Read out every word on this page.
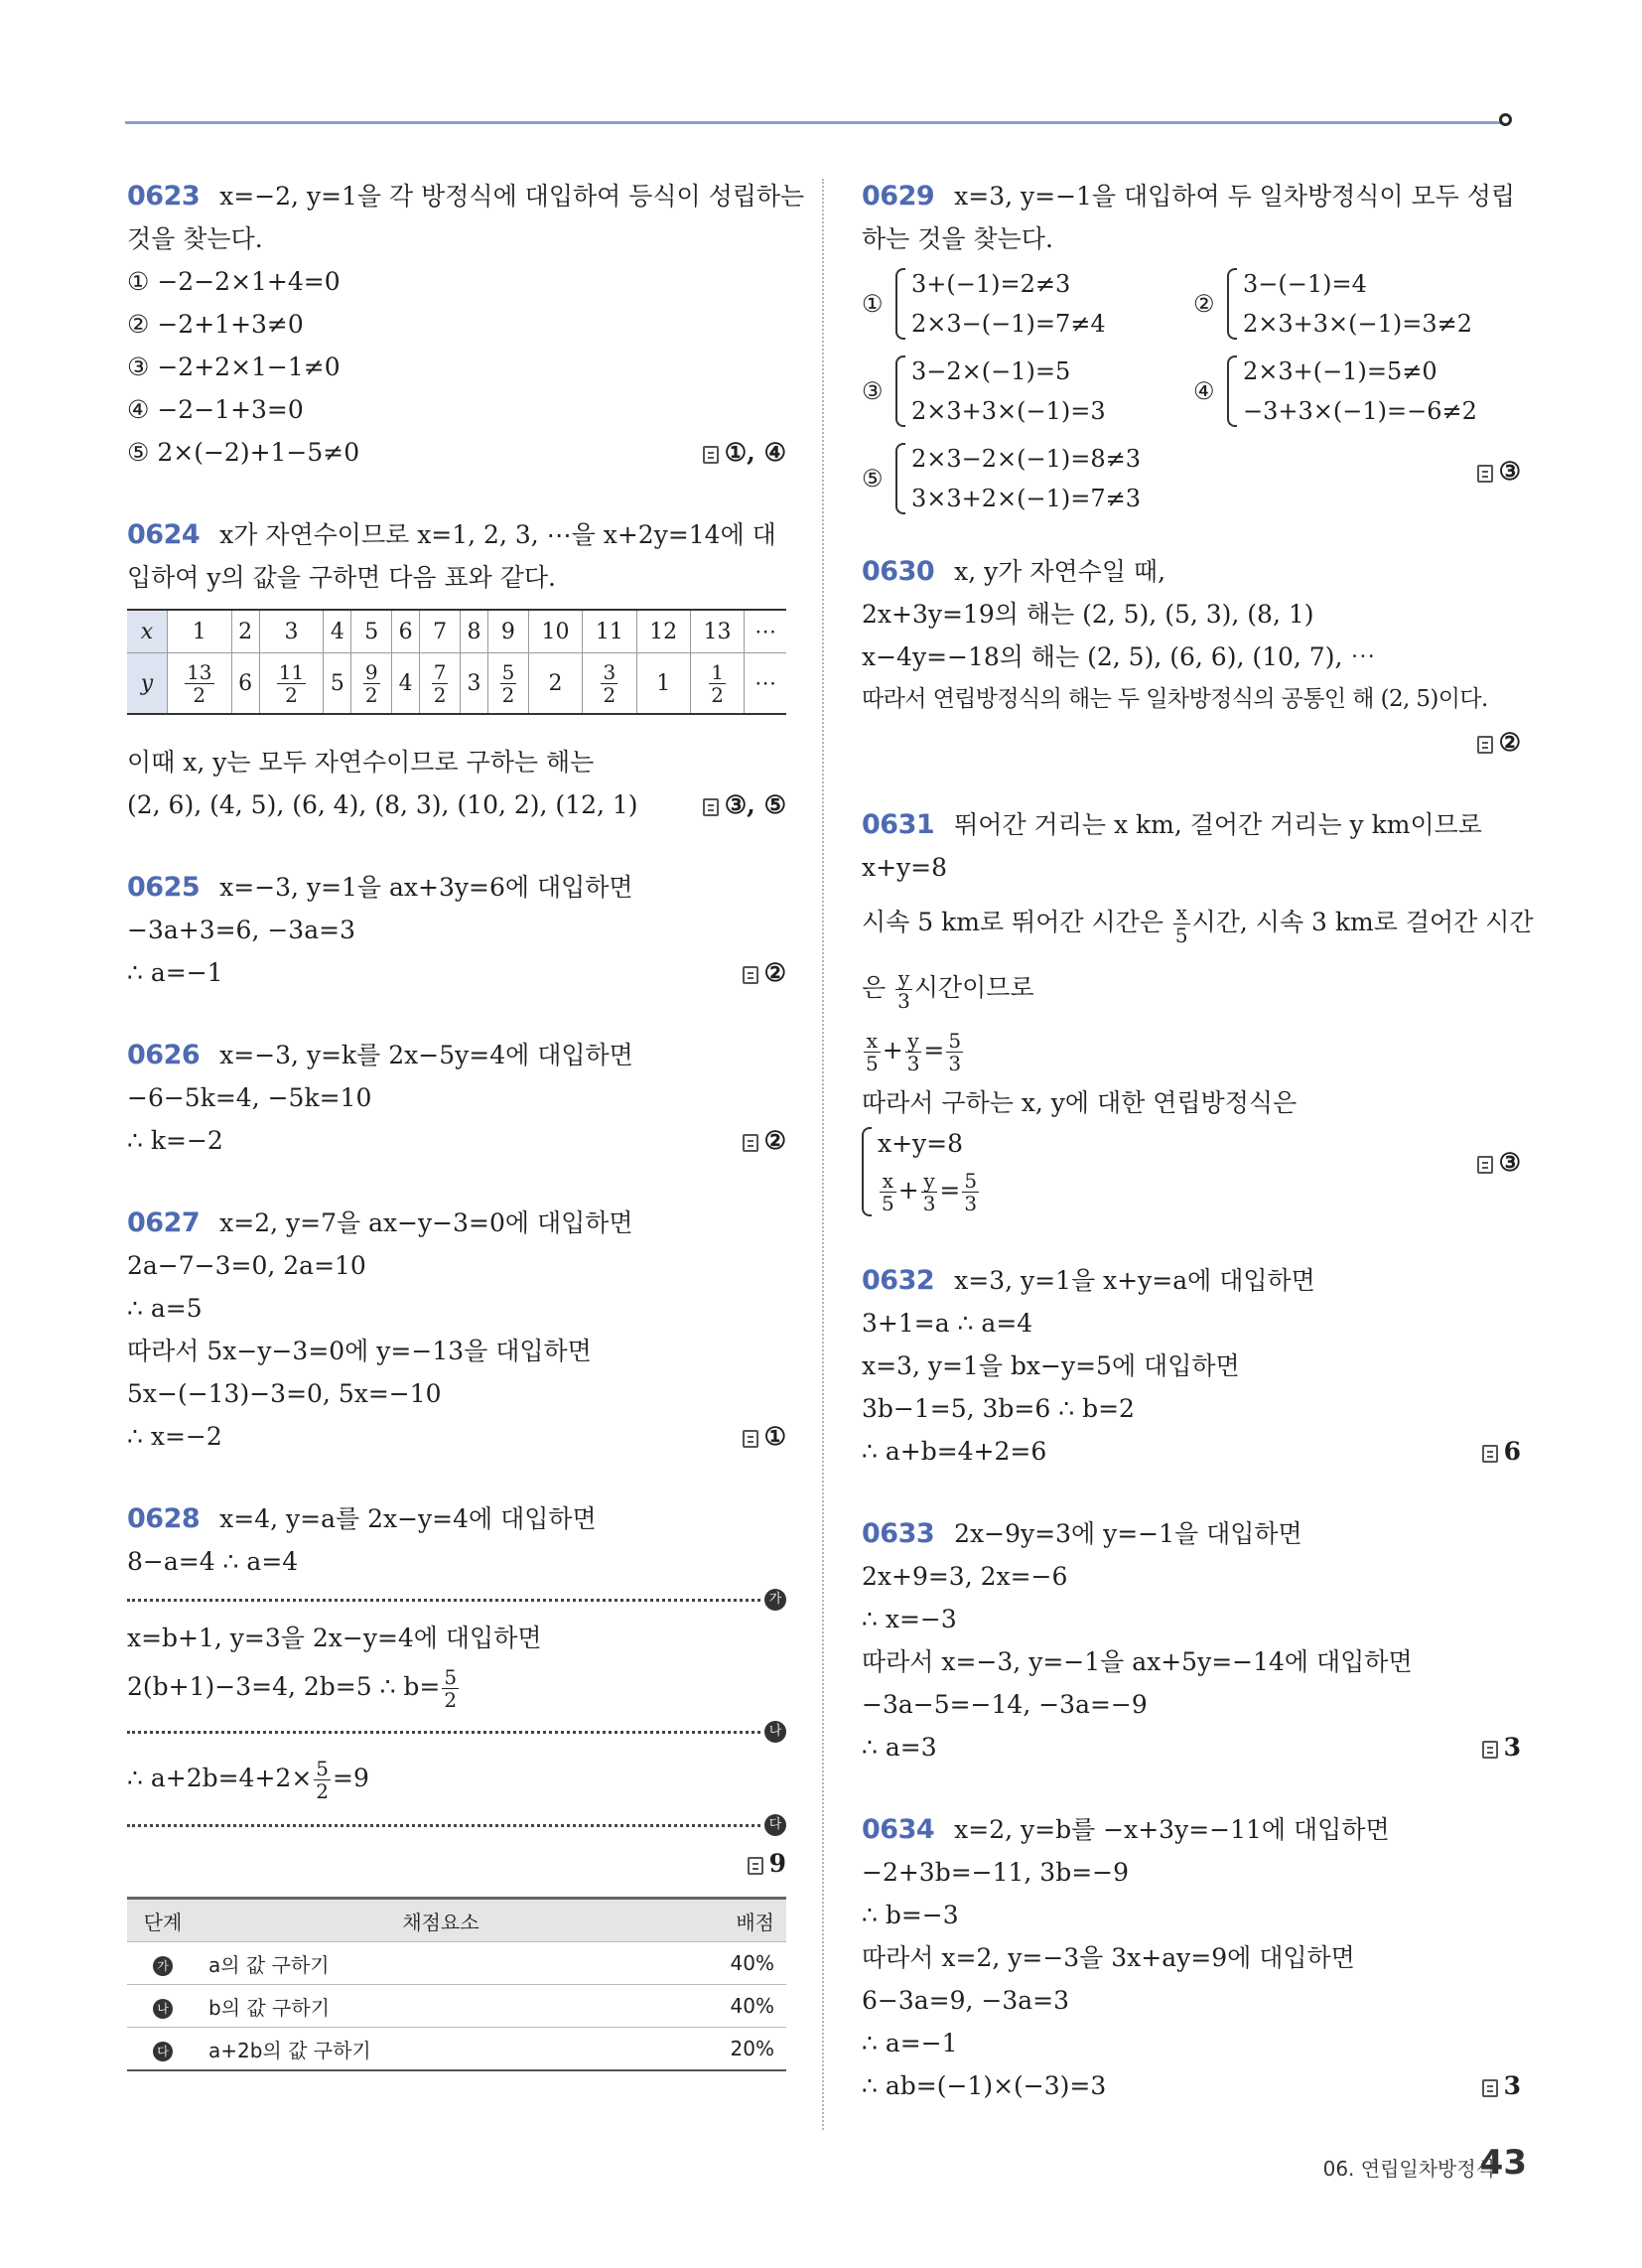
0623 x=−2, y=1을 각 방정식에 대입하여 등식이 성립하는
것을 찾는다.
① −2−2×1+4=0
② −2+1+3≠0
③ −2+2×1−1≠0
④ −2−1+3=0
⑤ 2×(−2)+1−5≠0	①, ④
0624 x가 자연수이므로 x=1, 2, 3, ⋯을 x+2y=14에 대
입하여 y의 값을 구하면 다음 표와 같다.
x	1	2	3	4	5	6	7	8	9	10	11	12	13	⋯
y	$\frac{13}{2}$	6	$\frac{11}{2}$	5	$\frac{9}{2}$	4	$\frac{7}{2}$	3	$\frac{5}{2}$	2	$\frac{3}{2}$	1	$\frac{1}{2}$	⋯
이때 x, y는 모두 자연수이므로 구하는 해는
(2, 6), (4, 5), (6, 4), (8, 3), (10, 2), (12, 1)	③, ⑤
0625 x=−3, y=1을 ax+3y=6에 대입하면
−3a+3=6, −3a=3
∴ a=−1	②
0626 x=−3, y=k를 2x−5y=4에 대입하면
−6−5k=4, −5k=10
∴ k=−2	②
0627 x=2, y=7을 ax−y−3=0에 대입하면
2a−7−3=0, 2a=10
∴ a=5
따라서 5x−y−3=0에 y=−13을 대입하면
5x−(−13)−3=0, 5x=−10
∴ x=−2	①
0628 x=4, y=a를 2x−y=4에 대입하면
8−a=4 ∴ a=4
가
x=b+1, y=3을 2x−y=4에 대입하면
2(b+1)−3=4, 2b=5 ∴ $b= \frac{5}{2}$
나
∴ $a+2b=4+2\times \frac{5}{2} =9$
다
9
단계	채점요소	배점
가	a의 값 구하기	40%
나	b의 값 구하기	40%
다	a+2b의 값 구하기	20%
0629 x=3, y=−1을 대입하여 두 일차방정식이 모두 성립
하는 것을 찾는다.
①
3+(−1)=2≠3
2×3−(−1)=7≠4
②
3−(−1)=4
2×3+3×(−1)=3≠2
③
3−2×(−1)=5
2×3+3×(−1)=3
④
2×3+(−1)=5≠0
−3+3×(−1)=−6≠2
⑤
2×3−2×(−1)=8≠3
3×3+2×(−1)=7≠3
③
0630 x, y가 자연수일 때,
2x+3y=19의 해는 (2, 5), (5, 3), (8, 1)
x−4y=−18의 해는 (2, 5), (6, 6), (10, 7), ⋯
따라서 연립방정식의 해는 두 일차방정식의 공통인 해 (2, 5)이다.
②
0631 뛰어간 거리는 x km, 걸어간 거리는 y km이므로
x+y=8
시속 5 km로 뛰어간 시간은 $\frac{x}{5}$ 시간, 시속 3 km로 걸어간 시간
은 $\frac{y}{3}$ 시간이므로
$\frac{x}{5} + \frac{y}{3} = \frac{5}{3}$
따라서 구하는 x, y에 대한 연립방정식은
x+y=8
$\frac{x}{5} + \frac{y}{3} = \frac{5}{3}$
③
0632 x=3, y=1을 x+y=a에 대입하면
3+1=a ∴ a=4
x=3, y=1을 bx−y=5에 대입하면
3b−1=5, 3b=6 ∴ b=2
∴ a+b=4+2=6	6
0633 2x−9y=3에 y=−1을 대입하면
2x+9=3, 2x=−6
∴ x=−3
따라서 x=−3, y=−1을 ax+5y=−14에 대입하면
−3a−5=−14, −3a=−9
∴ a=3	3
0634 x=2, y=b를 −x+3y=−11에 대입하면
−2+3b=−11, 3b=−9
∴ b=−3
따라서 x=2, y=−3을 3x+ay=9에 대입하면
6−3a=9, −3a=3
∴ a=−1
∴ ab=(−1)×(−3)=3	3
06. 연립일차방정식
43
